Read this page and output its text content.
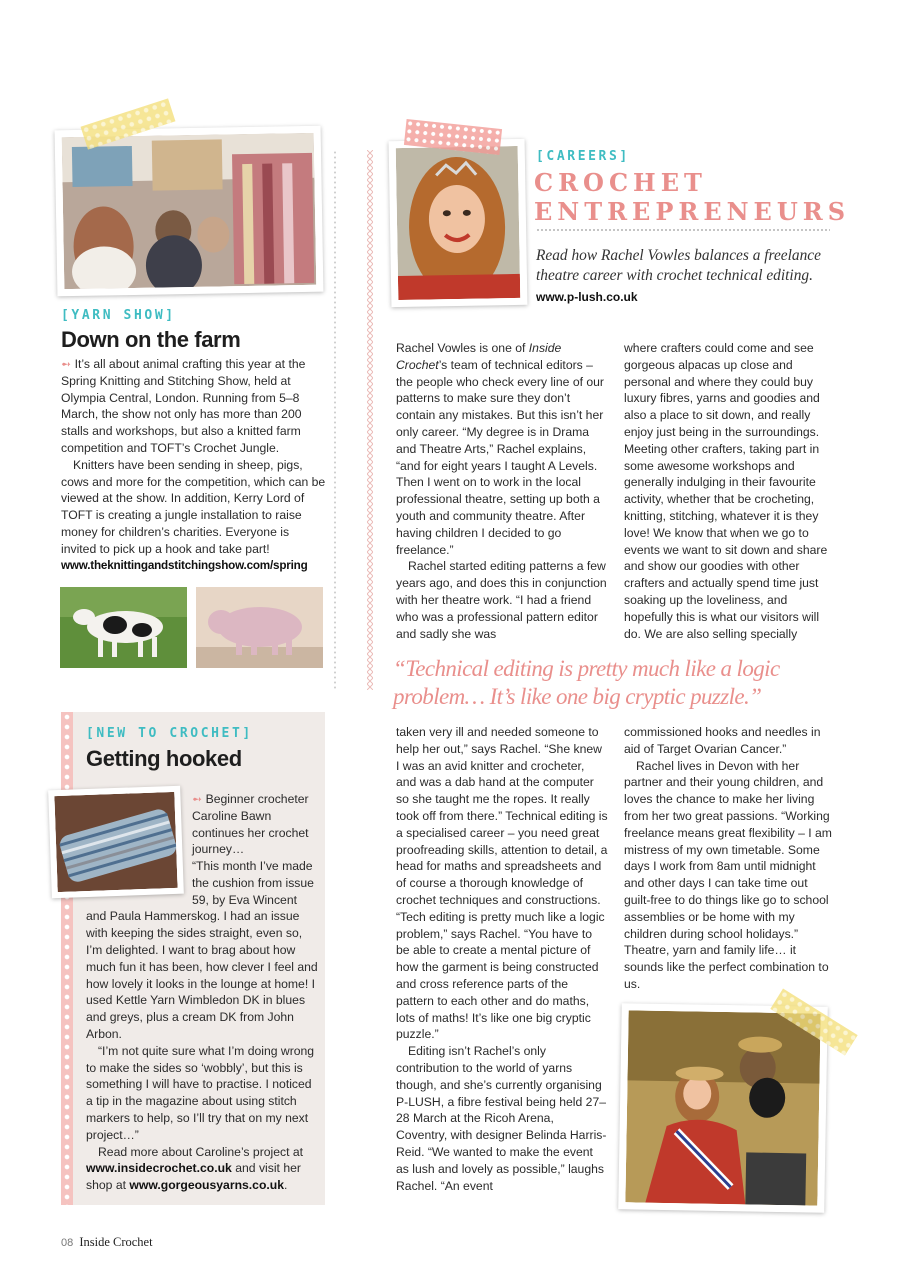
[YARN SHOW]
Down on the farm

➻ It’s all about animal crafting this year at the Spring Knitting and Stitching Show, held at Olympia Central, London. Running from 5–8 March, the show not only has more than 200 stalls and workshops, but also a knitted farm competition and TOFT’s Crochet Jungle.

Knitters have been sending in sheep, pigs, cows and more for the competition, which can be viewed at the show. In addition, Kerry Lord of TOFT is creating a jungle installation to raise money for children’s charities. Everyone is invited to pick up a hook and take part!

www.theknittingandstitchingshow.com/spring

[NEW TO CROCHET]
Getting hooked

➻ Beginner crocheter Caroline Bawn continues her crochet journey…

“This month I’ve made the cushion from issue 59, by Eva Wincent and Paula Hammerskog. I had an issue with keeping the sides straight, even so, I’m delighted. I want to brag about how much fun it has been, how clever I feel and how lovely it looks in the lounge at home! I used Kettle Yarn Wimbledon DK in blues and greys, plus a cream DK from John Arbon.

“I’m not quite sure what I’m doing wrong to make the sides so ‘wobbly’, but this is something I will have to practise. I noticed a tip in the magazine about using stitch markers to help, so I’ll try that on my next project…”

Read more about Caroline’s project at www.insidecrochet.co.uk and visit her shop at www.gorgeousyarns.co.uk.

[CAREERS]
CROCHET
ENTREPRENEURS
Read how Rachel Vowles balances a freelance theatre career with crochet technical editing.
www.p-lush.co.uk

Rachel Vowles is one of Inside Crochet’s team of technical editors – the people who check every line of our patterns to make sure they don’t contain any mistakes. But this isn’t her only career. “My degree is in Drama and Theatre Arts,” Rachel explains, “and for eight years I taught A Levels. Then I went on to work in the local professional theatre, setting up both a youth and community theatre. After having children I decided to go freelance.”

Rachel started editing patterns a few years ago, and does this in conjunction with her theatre work. “I had a friend who was a professional pattern editor and sadly she was

where crafters could come and see gorgeous alpacas up close and personal and where they could buy luxury fibres, yarns and goodies and also a place to sit down, and really enjoy just being in the surroundings. Meeting other crafters, taking part in some awesome workshops and generally indulging in their favourite activity, whether that be crocheting, knitting, stitching, whatever it is they love! We know that when we go to events we want to sit down and share and show our goodies with other crafters and actually spend time just soaking up the loveliness, and hopefully this is what our visitors will do. We are also selling specially

“Technical editing is pretty much like a logic
problem… It’s like one big cryptic puzzle.”

taken very ill and needed someone to help her out,” says Rachel. “She knew I was an avid knitter and crocheter, and was a dab hand at the computer so she taught me the ropes. It really took off from there.” Technical editing is a specialised career – you need great proofreading skills, attention to detail, a head for maths and spreadsheets and of course a thorough knowledge of crochet techniques and constructions. “Tech editing is pretty much like a logic problem,” says Rachel. “You have to be able to create a mental picture of how the garment is being constructed and cross reference parts of the pattern to each other and do maths, lots of maths! It’s like one big cryptic puzzle.”

Editing isn’t Rachel’s only contribution to the world of yarns though, and she’s currently organising P-LUSH, a fibre festival being held 27–28 March at the Ricoh Arena, Coventry, with designer Belinda Harris-Reid. “We wanted to make the event as lush and lovely as possible,” laughs Rachel. “An event

commissioned hooks and needles in aid of Target Ovarian Cancer.”

Rachel lives in Devon with her partner and their young children, and loves the chance to make her living from her two great passions. “Working freelance means great flexibility – I am mistress of my own timetable. Some days I work from 8am until midnight and other days I can take time out guilt-free to do things like go to school assemblies or be home with my children during school holidays.” Theatre, yarn and family life… it sounds like the perfect combination to us.

08 Inside Crochet
